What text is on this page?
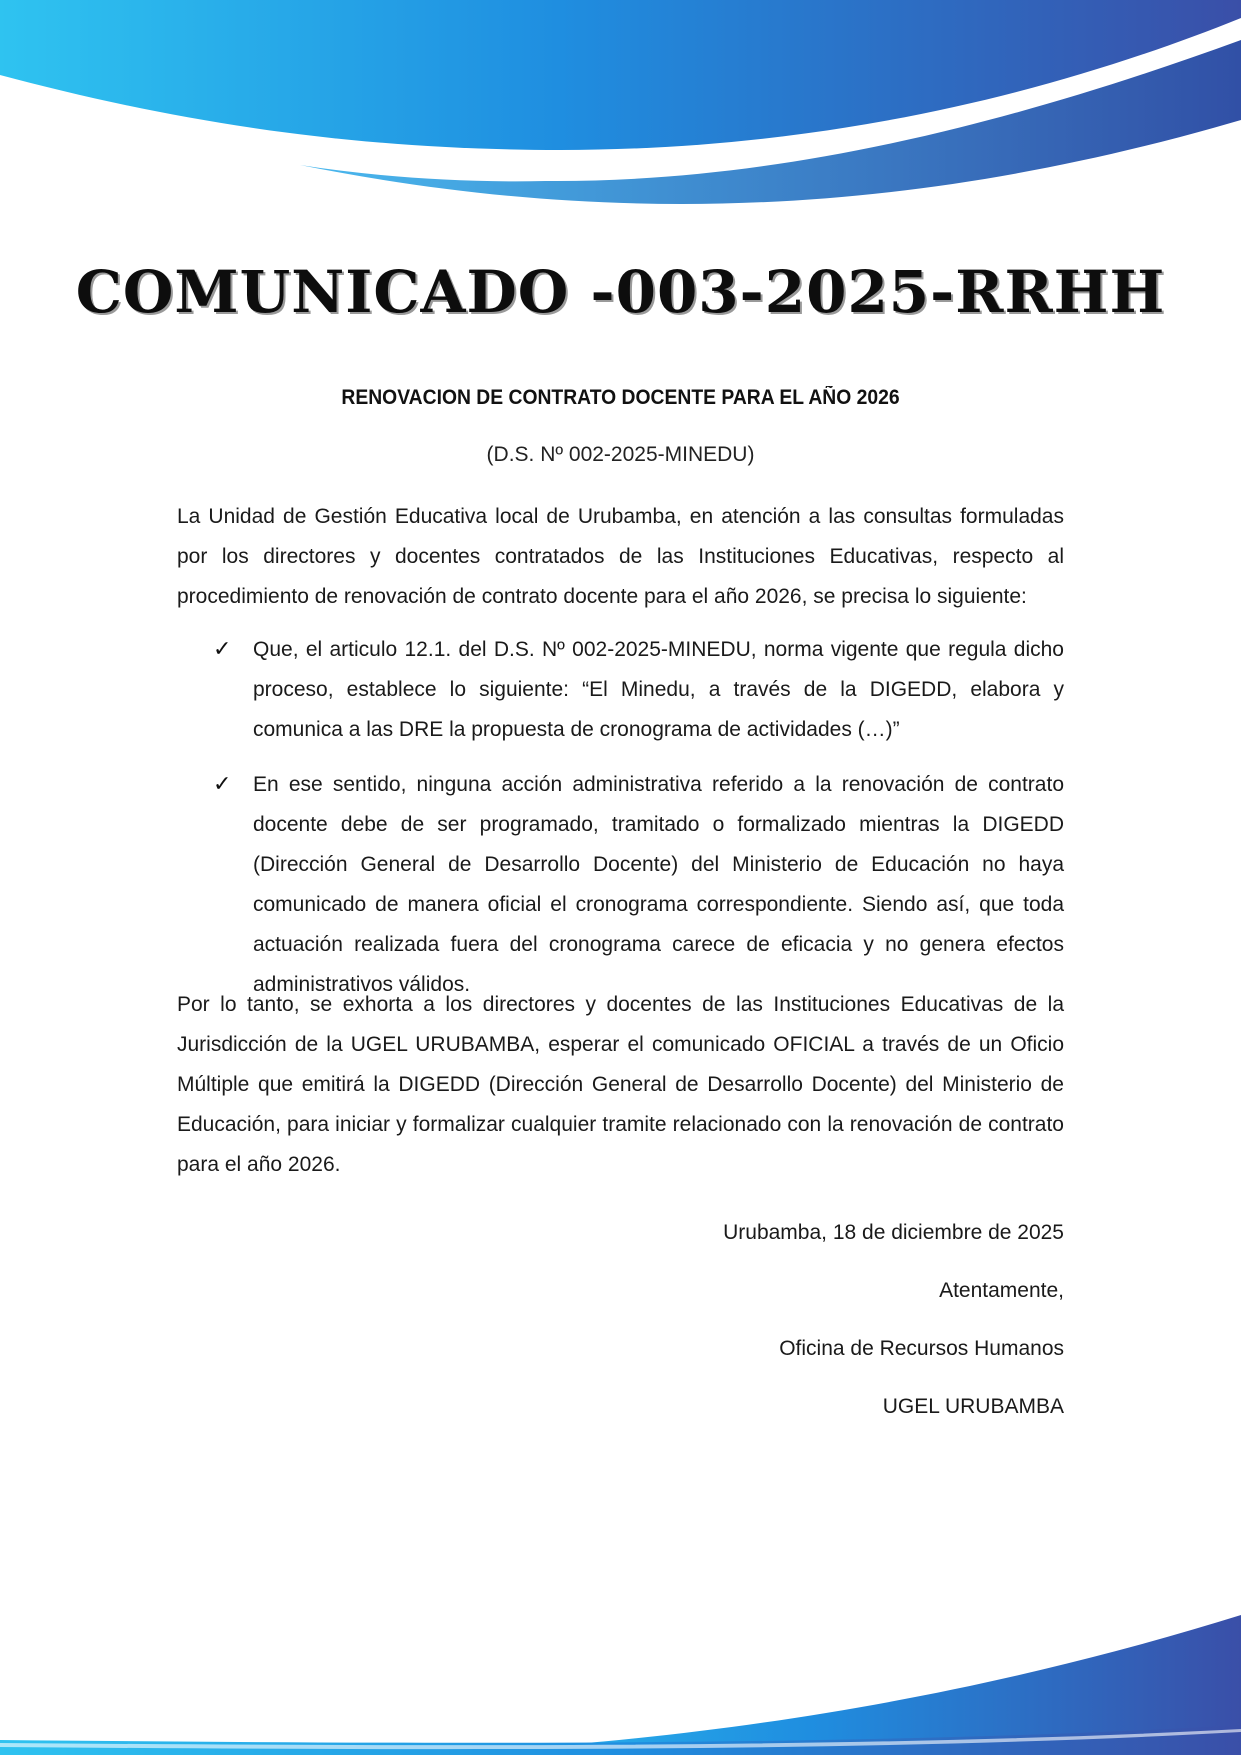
COMUNICADO -003-2025-RRHH
RENOVACION DE CONTRATO DOCENTE PARA EL AÑO 2026
(D.S. Nº 002-2025-MINEDU)
La Unidad de Gestión Educativa local de Urubamba, en atención a las consultas formuladas por los directores y docentes contratados de las Instituciones Educativas, respecto al procedimiento de renovación de contrato docente para el año 2026, se precisa lo siguiente:
✓ Que, el articulo 12.1. del D.S. Nº 002-2025-MINEDU, norma vigente que regula dicho proceso, establece lo siguiente: “El Minedu, a través de la DIGEDD, elabora y comunica a las DRE la propuesta de cronograma de actividades (…)”
✓ En ese sentido, ninguna acción administrativa referido a la renovación de contrato docente debe de ser programado, tramitado o formalizado mientras la DIGEDD (Dirección General de Desarrollo Docente) del Ministerio de Educación no haya comunicado de manera oficial el cronograma correspondiente. Siendo así, que toda actuación realizada fuera del cronograma carece de eficacia y no genera efectos administrativos válidos.
Por lo tanto, se exhorta a los directores y docentes de las Instituciones Educativas de la Jurisdicción de la UGEL URUBAMBA, esperar el comunicado OFICIAL a través de un Oficio Múltiple que emitirá la DIGEDD (Dirección General de Desarrollo Docente) del Ministerio de Educación, para iniciar y formalizar cualquier tramite relacionado con la renovación de contrato para el año 2026.
Urubamba, 18 de diciembre de 2025
Atentamente,
Oficina de Recursos Humanos
UGEL URUBAMBA
